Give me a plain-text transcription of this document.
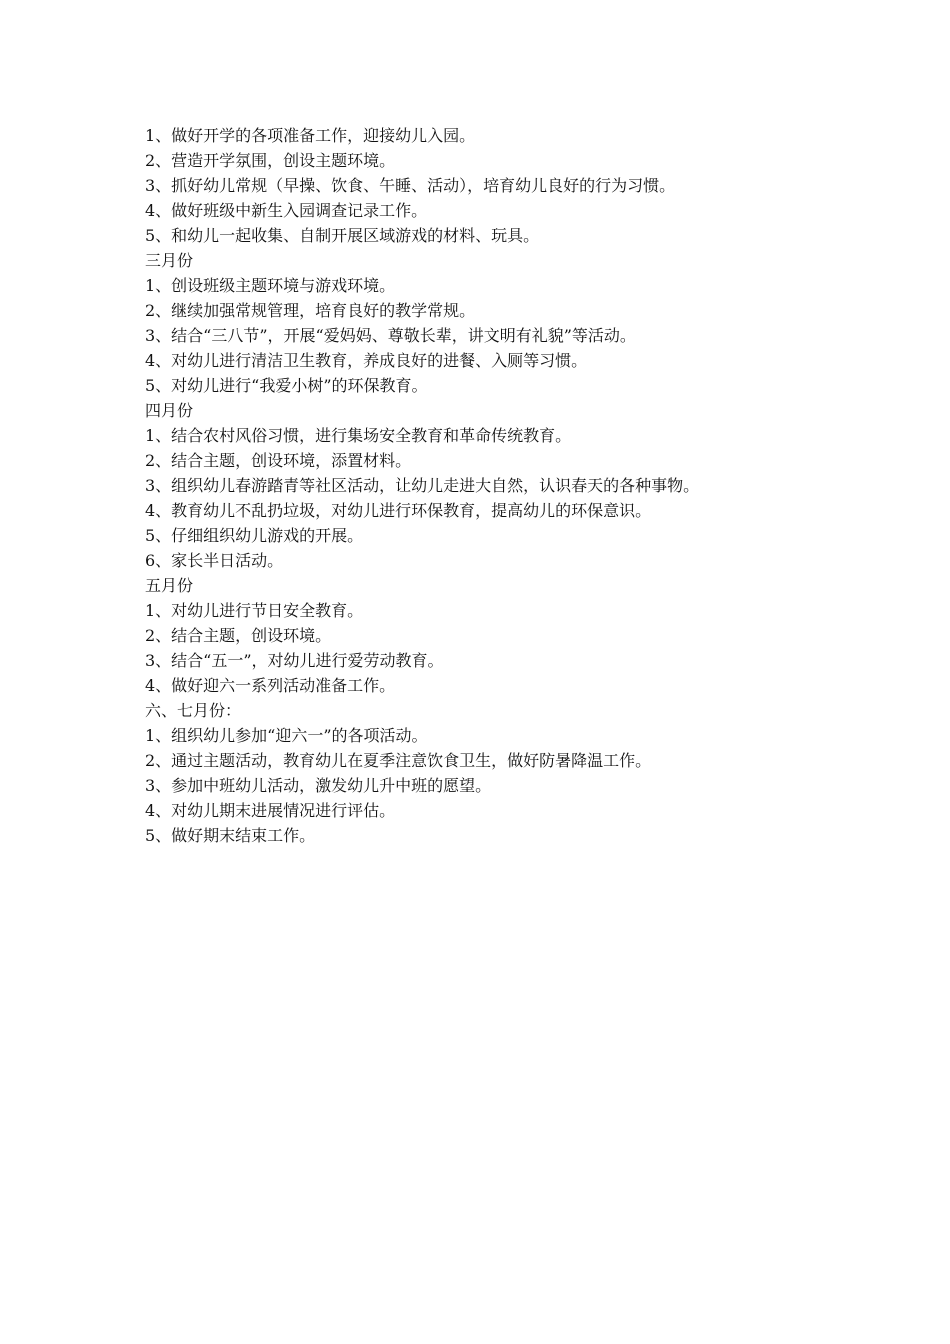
1、做好开学的各项准备工作，迎接幼儿入园。
2、营造开学氛围，创设主题环境。
3、抓好幼儿常规（早操、饮食、午睡、活动），培育幼儿良好的行为习惯。
4、做好班级中新生入园调查记录工作。
5、和幼儿一起收集、自制开展区域游戏的材料、玩具。
三月份
1、创设班级主题环境与游戏环境。
2、继续加强常规管理，培育良好的教学常规。
3、结合“三八节”，开展“爱妈妈、尊敬长辈，讲文明有礼貌”等活动。
4、对幼儿进行清洁卫生教育，养成良好的进餐、入厕等习惯。
5、对幼儿进行“我爱小树”的环保教育。
四月份
1、结合农村风俗习惯，进行集场安全教育和革命传统教育。
2、结合主题，创设环境，添置材料。
3、组织幼儿春游踏青等社区活动，让幼儿走进大自然，认识春天的各种事物。
4、教育幼儿不乱扔垃圾，对幼儿进行环保教育，提高幼儿的环保意识。
5、仔细组织幼儿游戏的开展。
6、家长半日活动。
五月份
1、对幼儿进行节日安全教育。
2、结合主题，创设环境。
3、结合“五一”，对幼儿进行爱劳动教育。
4、做好迎六一系列活动准备工作。
六、七月份：
1、组织幼儿参加“迎六一”的各项活动。
2、通过主题活动，教育幼儿在夏季注意饮食卫生，做好防暑降温工作。
3、参加中班幼儿活动，激发幼儿升中班的愿望。
4、对幼儿期末进展情况进行评估。
5、做好期末结束工作。
